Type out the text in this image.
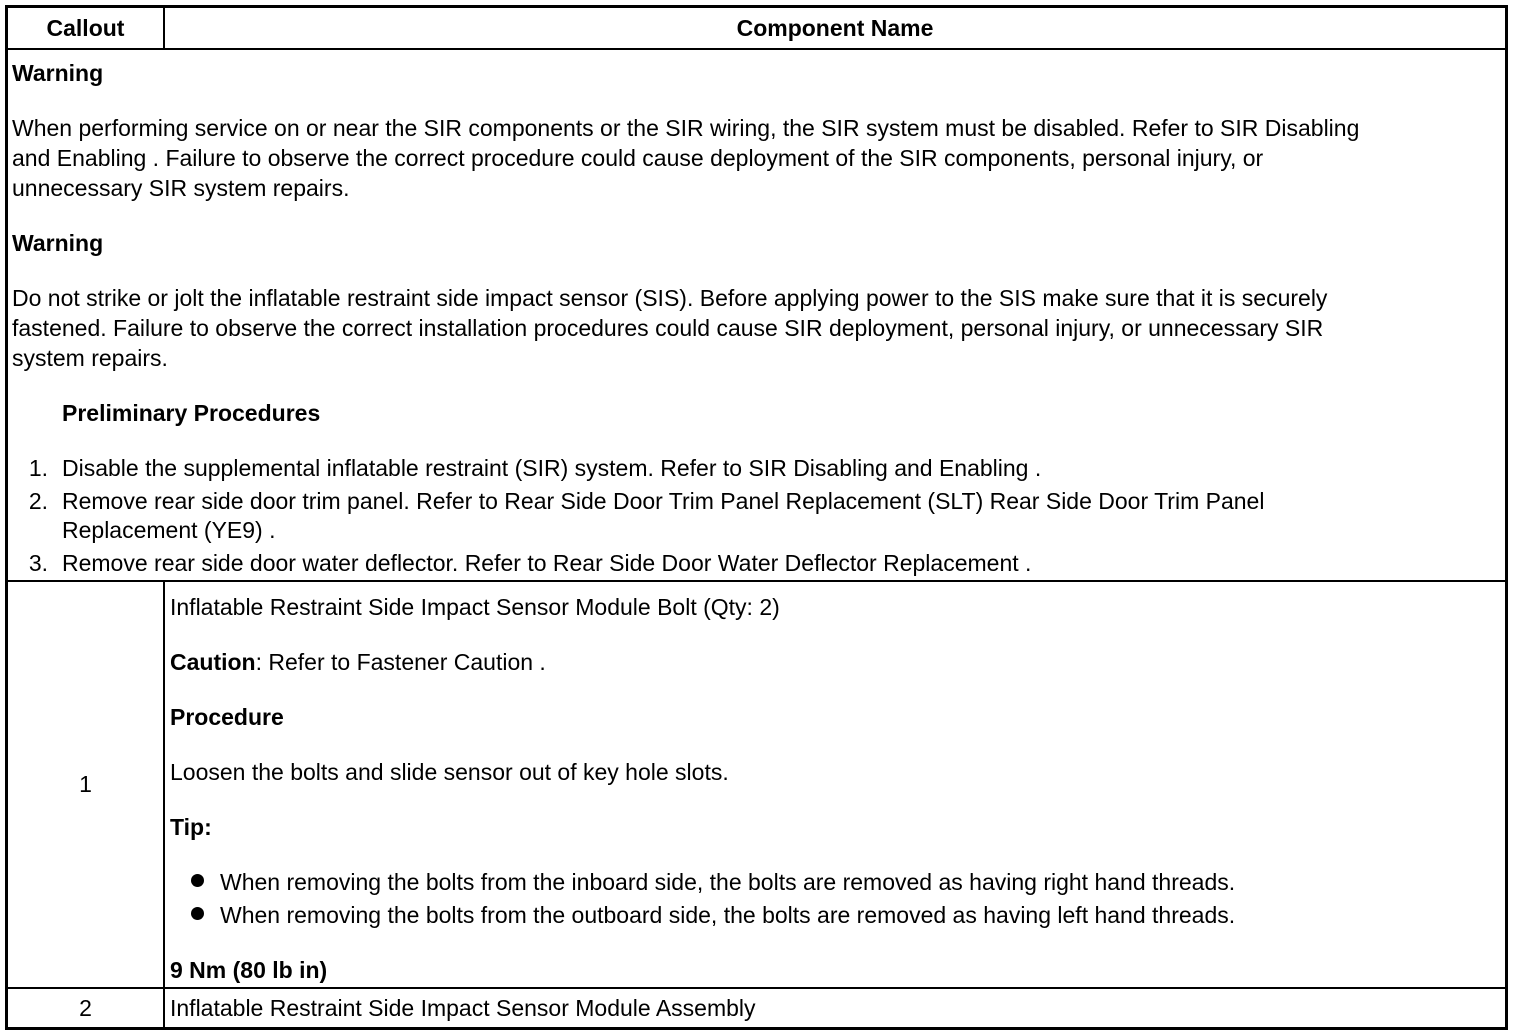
Callout	Component Name
Warning
When performing service on or near the SIR components or the SIR wiring, the SIR system must be disabled. Refer to SIR Disabling
and Enabling . Failure to observe the correct procedure could cause deployment of the SIR components, personal injury, or
unnecessary SIR system repairs.
Warning
Do not strike or jolt the inflatable restraint side impact sensor (SIS). Before applying power to the SIS make sure that it is securely
fastened. Failure to observe the correct installation procedures could cause SIR deployment, personal injury, or unnecessary SIR
system repairs.
Preliminary Procedures
1. Disable the supplemental inflatable restraint (SIR) system. Refer to SIR Disabling and Enabling .
2. Remove rear side door trim panel. Refer to Rear Side Door Trim Panel Replacement (SLT) Rear Side Door Trim Panel
Replacement (YE9) .
3. Remove rear side door water deflector. Refer to Rear Side Door Water Deflector Replacement .
1
Inflatable Restraint Side Impact Sensor Module Bolt (Qty: 2)
Caution: Refer to Fastener Caution .
Procedure
Loosen the bolts and slide sensor out of key hole slots.
Tip:
When removing the bolts from the inboard side, the bolts are removed as having right hand threads.
When removing the bolts from the outboard side, the bolts are removed as having left hand threads.
9 Nm (80 lb in)
2	Inflatable Restraint Side Impact Sensor Module Assembly
